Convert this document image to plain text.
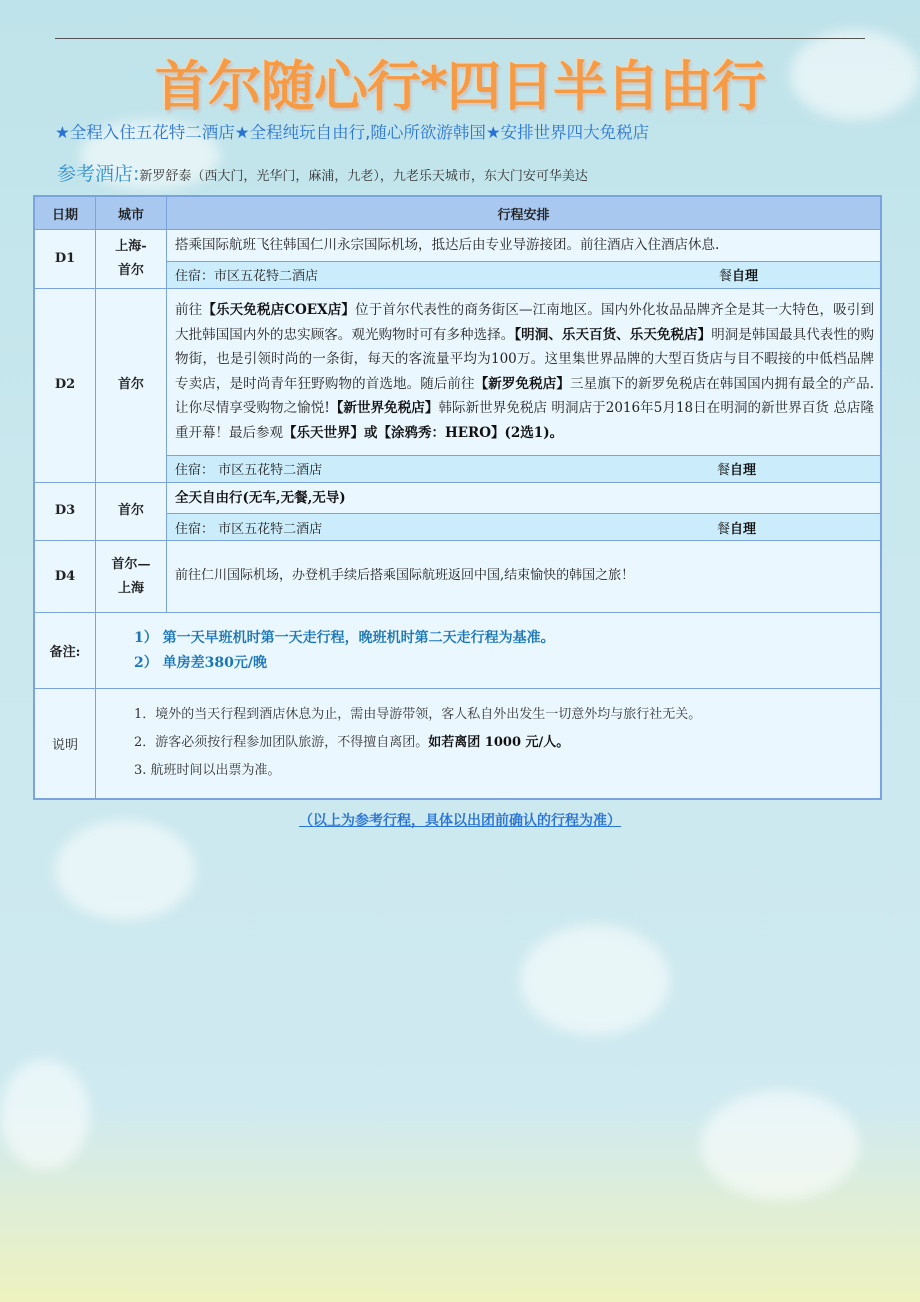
首尔随心行*四日半自由行
★全程入住五花特二酒店★全程纯玩自由行,随心所欲游韩国★安排世界四大免税店
参考酒店:新罗舒泰（西大门，光华门，麻浦，九老），九老乐天城市，东大门安可华美达
日期	城市	行程安排
D1	上海-首尔	搭乘国际航班飞往韩国仁川永宗国际机场，抵达后由专业导游接团。前往酒店入住酒店休息.

		住宿：市区五花特二酒店 餐自理

D2	首尔	前往【乐天免税店COEX店】位于首尔代表性的商务街区—江南地区。国内外化妆品品牌齐全是其一大特色，吸引到大批韩国国内外的忠实顾客。观光购物时可有多种选择。【明洞、乐天百货、乐天免税店】明洞是韩国最具代表性的购物街，也是引领时尚的一条街，每天的客流量平均为100万。这里集世界品牌的大型百货店与目不暇接的中低档品牌专卖店，是时尚青年狂野购物的首选地。随后前往【新罗免税店】三星旗下的新罗免税店在韩国国内拥有最全的产品.让你尽情享受购物之愉悦!【新世界免税店】韩际新世界免税店 明洞店于2016年5月18日在明洞的新世界百货 总店隆重开幕！最后参观【乐天世界】或【涂鸦秀：HERO】(2选1)。

		住宿： 市区五花特二酒店 餐自理

D3	首尔	全天自由行(无车,无餐,无导)

		住宿： 市区五花特二酒店 餐自理

D4	首尔—上海	前往仁川国际机场，办登机手续后搭乘国际航班返回中国,结束愉快的韩国之旅！
备注:	1） 第一天早班机时第一天走行程，晚班机时第二天走行程为基准。
2） 单房差380元/晚	

说明	1．境外的当天行程到酒店休息为止，需由导游带领，客人私自外出发生一切意外均与旅行社无关。
2．游客必须按行程参加团队旅游，不得擅自离团。如若离团 1000 元/人。
3. 航班时间以出票为准。	
（以上为参考行程，具体以出团前确认的行程为准）
